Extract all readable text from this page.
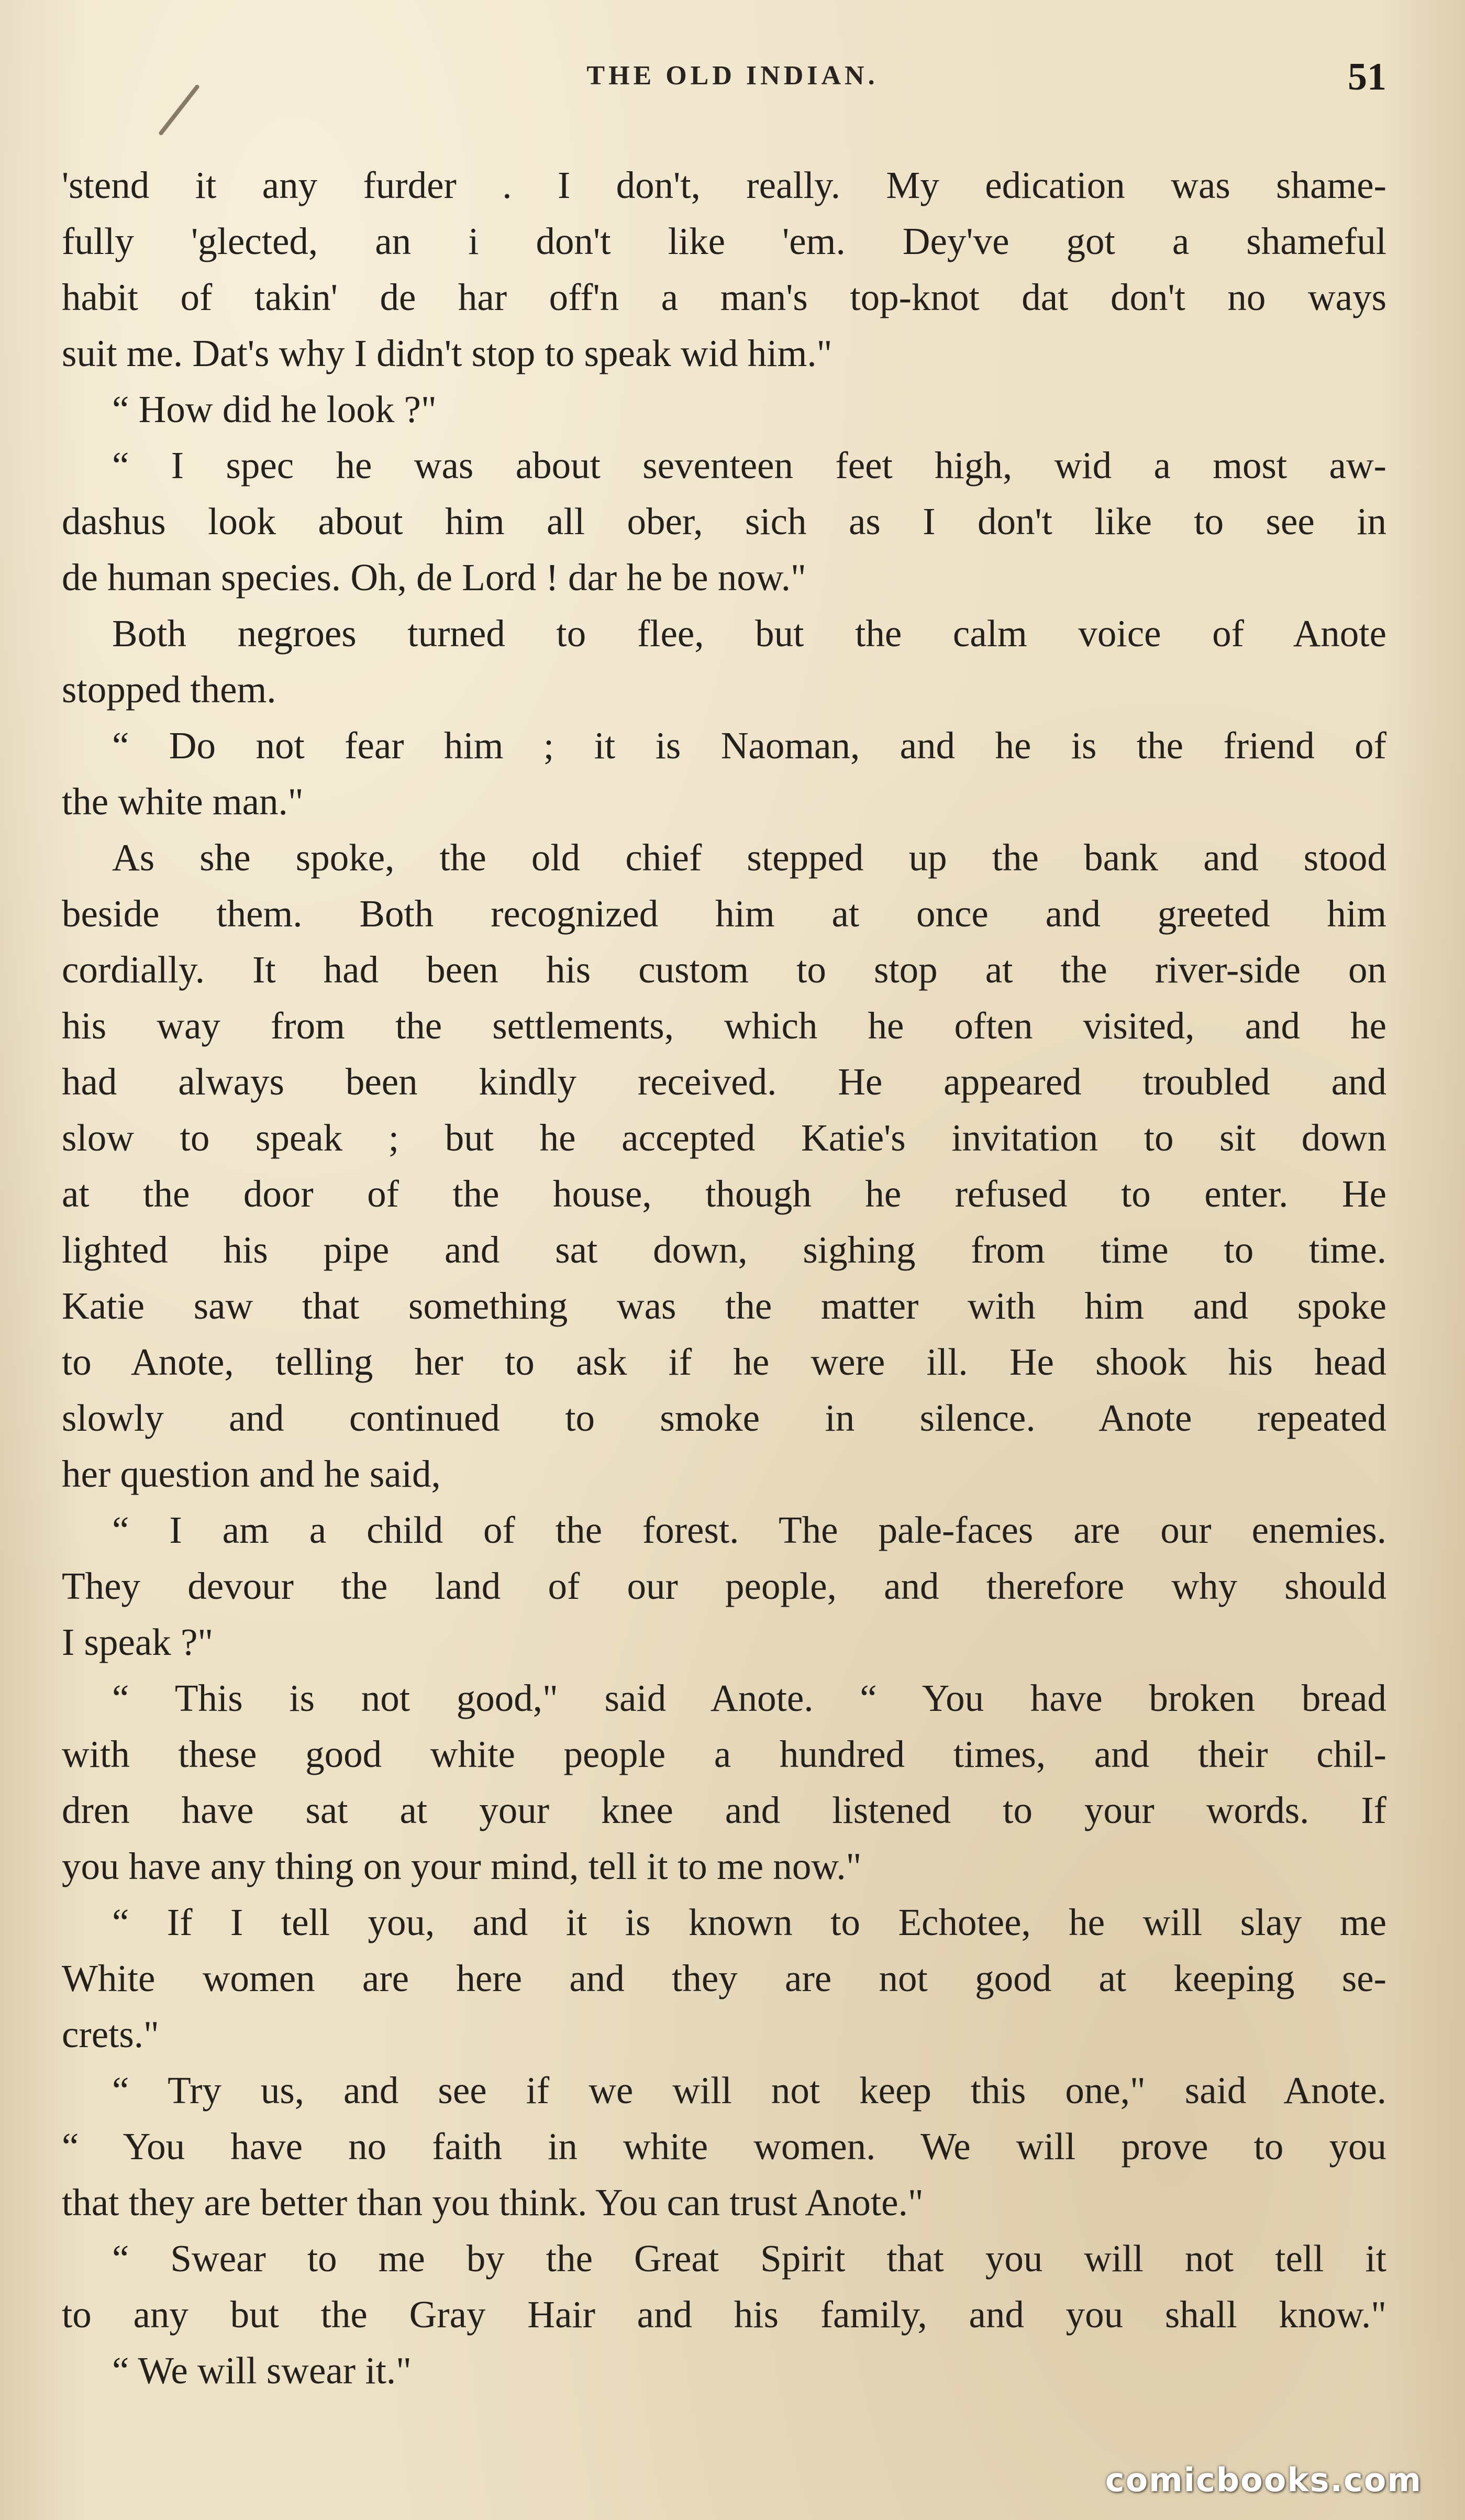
THE OLD INDIAN.	51
'stend it any furder . I don't, really. My edication was shame-
fully 'glected, an i don't like 'em. Dey've got a shameful
habit of takin' de har off'n a man's top-knot dat don't no ways
suit me. Dat's why I didn't stop to speak wid him."
“ How did he look ?"
“ I spec he was about seventeen feet high, wid a most aw-
dashus look about him all ober, sich as I don't like to see in
de human species. Oh, de Lord ! dar he be now."
Both negroes turned to flee, but the calm voice of Anote
stopped them.
“ Do not fear him ; it is Naoman, and he is the friend of
the white man."
As she spoke, the old chief stepped up the bank and stood
beside them. Both recognized him at once and greeted him
cordially. It had been his custom to stop at the river-side on
his way from the settlements, which he often visited, and he
had always been kindly received. He appeared troubled and
slow to speak ; but he accepted Katie's invitation to sit down
at the door of the house, though he refused to enter. He
lighted his pipe and sat down, sighing from time to time.
Katie saw that something was the matter with him and spoke
to Anote, telling her to ask if he were ill. He shook his head
slowly and continued to smoke in silence. Anote repeated
her question and he said,
“ I am a child of the forest. The pale-faces are our enemies.
They devour the land of our people, and therefore why should
I speak ?"
“ This is not good," said Anote. “ You have broken bread
with these good white people a hundred times, and their chil-
dren have sat at your knee and listened to your words. If
you have any thing on your mind, tell it to me now."
“ If I tell you, and it is known to Echotee, he will slay me
White women are here and they are not good at keeping se-
crets."
“ Try us, and see if we will not keep this one," said Anote.
“ You have no faith in white women. We will prove to you
that they are better than you think. You can trust Anote."
“ Swear to me by the Great Spirit that you will not tell it
to any but the Gray Hair and his family, and you shall know."
“ We will swear it."
comicbooks.com
